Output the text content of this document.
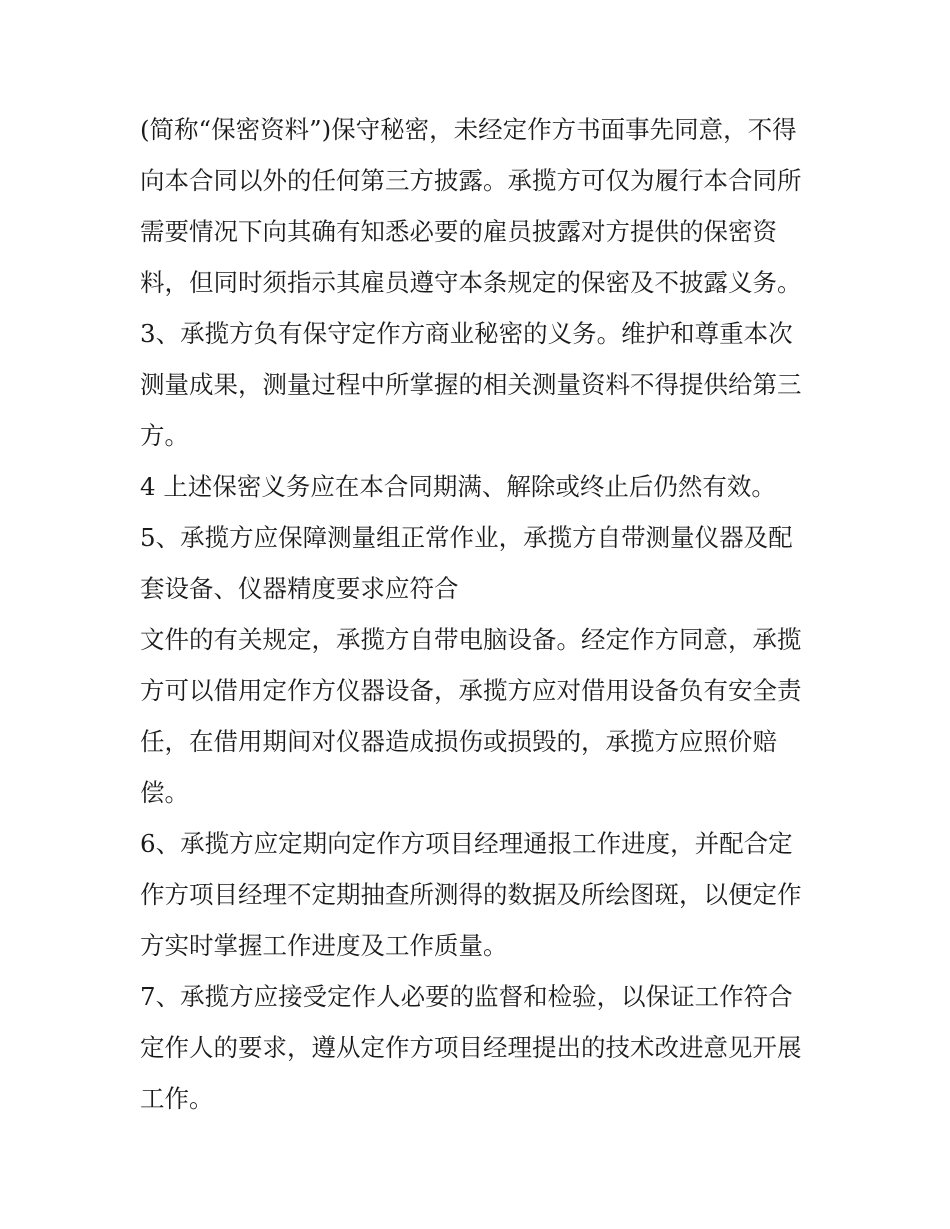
(简称“保密资料”)保守秘密，未经定作方书面事先同意，不得
向本合同以外的任何第三方披露。承揽方可仅为履行本合同所
需要情况下向其确有知悉必要的雇员披露对方提供的保密资
料，但同时须指示其雇员遵守本条规定的保密及不披露义务。
3、承揽方负有保守定作方商业秘密的义务。维护和尊重本次
测量成果，测量过程中所掌握的相关测量资料不得提供给第三
方。
4 上述保密义务应在本合同期满、解除或终止后仍然有效。
5、承揽方应保障测量组正常作业，承揽方自带测量仪器及配
套设备、仪器精度要求应符合
文件的有关规定，承揽方自带电脑设备。经定作方同意，承揽
方可以借用定作方仪器设备，承揽方应对借用设备负有安全责
任，在借用期间对仪器造成损伤或损毁的，承揽方应照价赔
偿。
6、承揽方应定期向定作方项目经理通报工作进度，并配合定
作方项目经理不定期抽查所测得的数据及所绘图斑，以便定作
方实时掌握工作进度及工作质量。
7、承揽方应接受定作人必要的监督和检验，以保证工作符合
定作人的要求，遵从定作方项目经理提出的技术改进意见开展
工作。
